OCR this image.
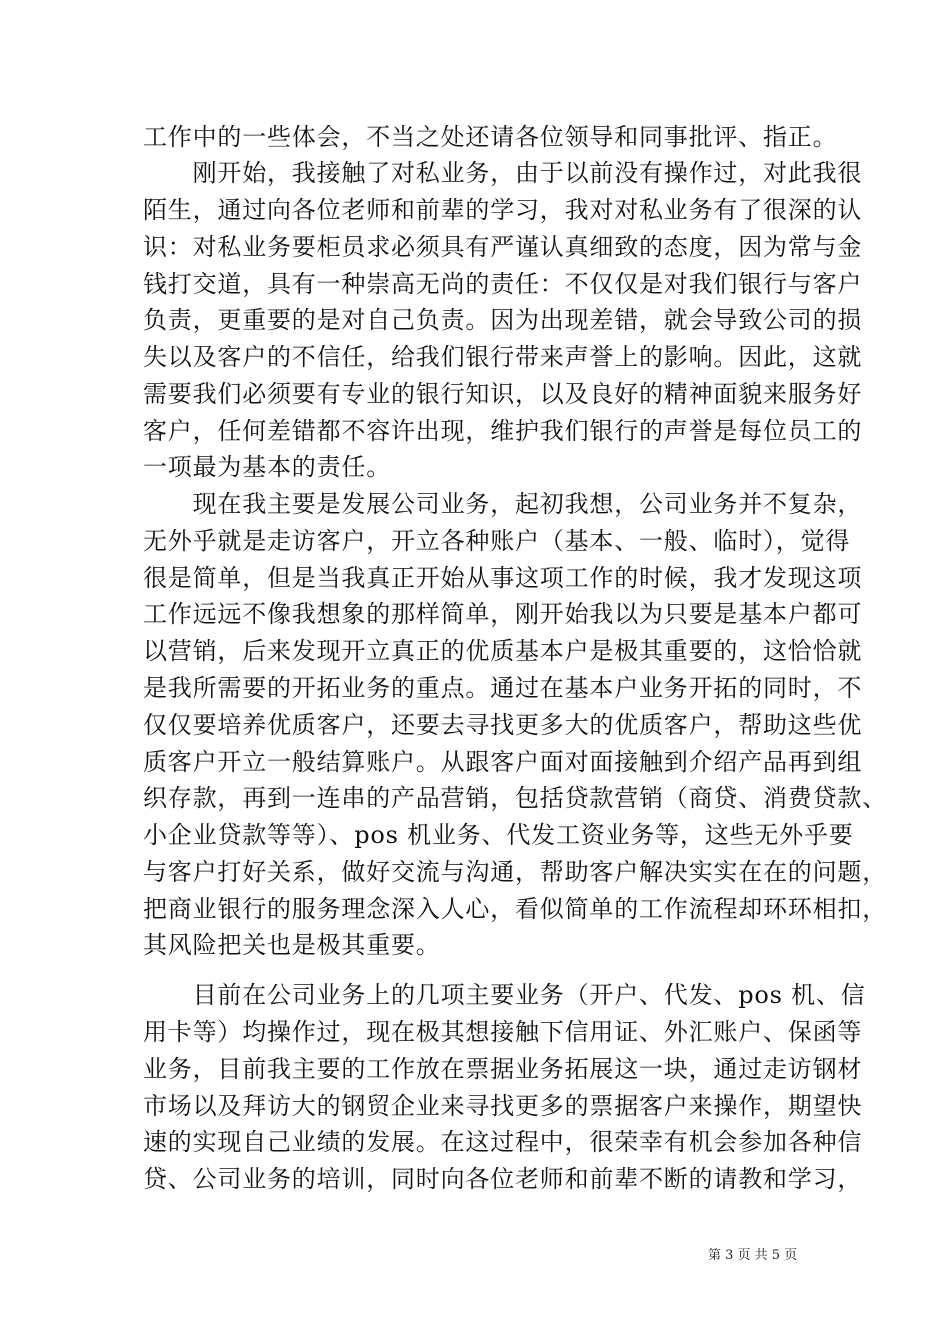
工作中的一些体会，不当之处还请各位领导和同事批评、指正。
　　刚开始，我接触了对私业务，由于以前没有操作过，对此我很
陌生，通过向各位老师和前辈的学习，我对对私业务有了很深的认
识：对私业务要柜员求必须具有严谨认真细致的态度，因为常与金
钱打交道，具有一种崇高无尚的责任：不仅仅是对我们银行与客户
负责，更重要的是对自己负责。因为出现差错，就会导致公司的损
失以及客户的不信任，给我们银行带来声誉上的影响。因此，这就
需要我们必须要有专业的银行知识，以及良好的精神面貌来服务好
客户，任何差错都不容许出现，维护我们银行的声誉是每位员工的
一项最为基本的责任。
　　现在我主要是发展公司业务，起初我想，公司业务并不复杂，
无外乎就是走访客户，开立各种账户（基本、一般、临时），觉得
很是简单，但是当我真正开始从事这项工作的时候，我才发现这项
工作远远不像我想象的那样简单，刚开始我以为只要是基本户都可
以营销，后来发现开立真正的优质基本户是极其重要的，这恰恰就
是我所需要的开拓业务的重点。通过在基本户业务开拓的同时，不
仅仅要培养优质客户，还要去寻找更多大的优质客户，帮助这些优
质客户开立一般结算账户。从跟客户面对面接触到介绍产品再到组
织存款，再到一连串的产品营销，包括贷款营销（商贷、消费贷款、
小企业贷款等等）、pos 机业务、代发工资业务等，这些无外乎要
与客户打好关系，做好交流与沟通，帮助客户解决实实在在的问题，
把商业银行的服务理念深入人心，看似简单的工作流程却环环相扣，
其风险把关也是极其重要。
　　目前在公司业务上的几项主要业务（开户、代发、pos 机、信
用卡等）均操作过，现在极其想接触下信用证、外汇账户、保函等
业务，目前我主要的工作放在票据业务拓展这一块，通过走访钢材
市场以及拜访大的钢贸企业来寻找更多的票据客户来操作，期望快
速的实现自己业绩的发展。在这过程中，很荣幸有机会参加各种信
贷、公司业务的培训，同时向各位老师和前辈不断的请教和学习，
第 3 页 共 5 页
